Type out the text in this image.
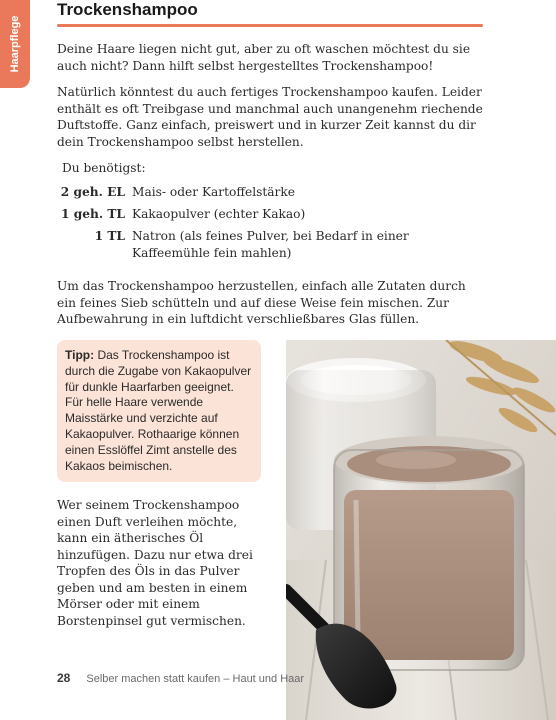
Haarpflege
Trockenshampoo

Deine Haare liegen nicht gut, aber zu oft waschen möchtest du sie auch nicht? Dann hilft selbst hergestelltes Trockenshampoo!

Natürlich könntest du auch fertiges Trockenshampoo kaufen. Leider enthält es oft Treibgase und manchmal auch unangenehm riechende Duftstoffe. Ganz einfach, preiswert und in kurzer Zeit kannst du dir dein Trockenshampoo selbst herstellen.

Du benötigst:

2 geh. EL Mais- oder Kartoffelstärke
1 geh. TL Kakaopulver (echter Kakao)
1 TL Natron (als feines Pulver, bei Bedarf in einer Kaffeemühle fein mahlen)

Um das Trockenshampoo herzustellen, einfach alle Zutaten durch ein feines Sieb schütteln und auf diese Weise fein mischen. Zur Aufbewahrung in ein luftdicht verschließbares Glas füllen.

Tipp: Das Trockenshampoo ist durch die Zugabe von Kakaopulver für dunkle Haarfarben geeignet. Für helle Haare verwende Maisstärke und verzichte auf Kakaopulver. Rothaarige können einen Esslöffel Zimt anstelle des Kakaos beimischen.

Wer seinem Trockenshampoo einen Duft verleihen möchte, kann ein ätherisches Öl hinzufügen. Dazu nur etwa drei Tropfen des Öls in das Pulver geben und am besten in einem Mörser oder mit einem Borstenpinsel gut vermischen.

28 Selber machen statt kaufen – Haut und Haar
